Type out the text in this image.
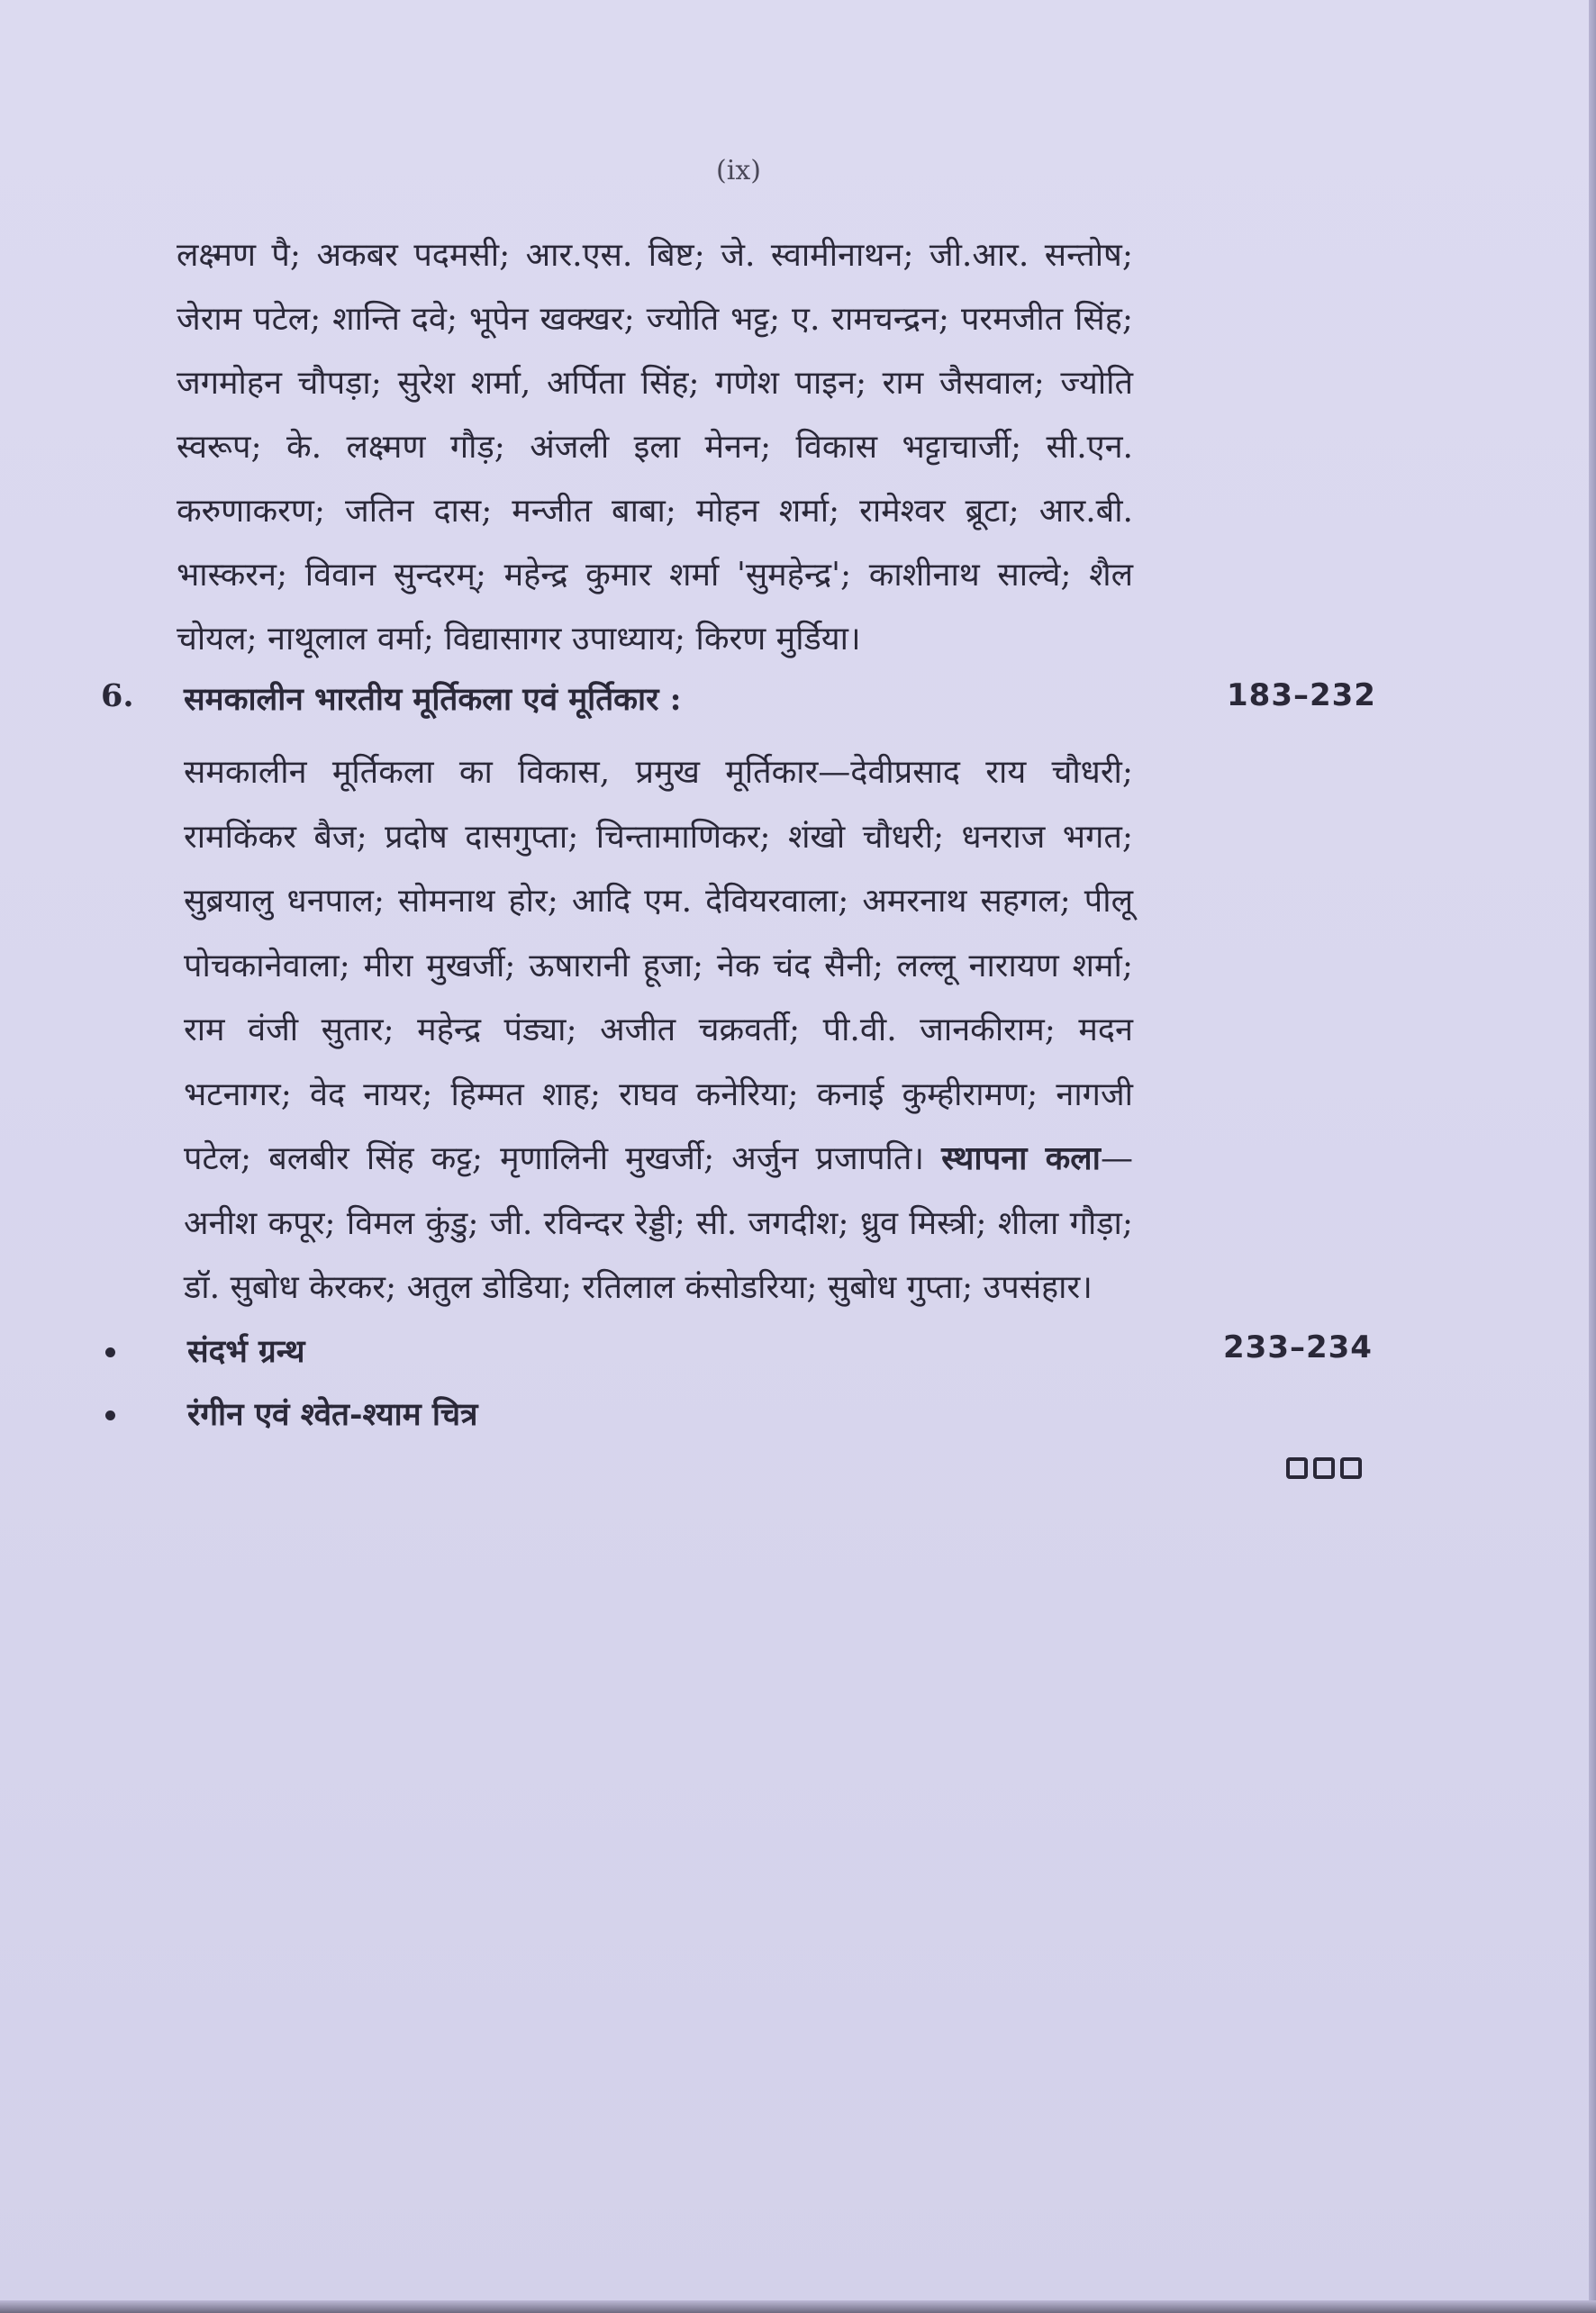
(ix)

लक्ष्मण पै; अकबर पदमसी; आर.एस. बिष्ट; जे. स्वामीनाथन; जी.आर. सन्तोष; जेराम पटेल; शान्ति दवे; भूपेन खक्खर; ज्योति भट्ट; ए. रामचन्द्रन; परमजीत सिंह; जगमोहन चौपड़ा; सुरेश शर्मा, अर्पिता सिंह; गणेश पाइन; राम जैसवाल; ज्योति स्वरूप; के. लक्ष्मण गौड़; अंजली इला मेनन; विकास भट्टाचार्जी; सी.एन. करुणाकरण; जतिन दास; मन्जीत बाबा; मोहन शर्मा; रामेश्वर ब्रूटा; आर.बी. भास्करन; विवान सुन्दरम्; महेन्द्र कुमार शर्मा 'सुमहेन्द्र'; काशीनाथ साल्वे; शैल चोयल; नाथूलाल वर्मा; विद्यासागर उपाध्याय; किरण मुर्डिया।

6. समकालीन भारतीय मूर्तिकला एवं मूर्तिकार :	183–232

समकालीन मूर्तिकला का विकास, प्रमुख मूर्तिकार—देवीप्रसाद राय चौधरी; रामकिंकर बैज; प्रदोष दासगुप्ता; चिन्तामाणिकर; शंखो चौधरी; धनराज भगत; सुब्रयालु धनपाल; सोमनाथ होर; आदि एम. देवियरवाला; अमरनाथ सहगल; पीलू पोचकानेवाला; मीरा मुखर्जी; ऊषारानी हूजा; नेक चंद सैनी; लल्लू नारायण शर्मा; राम वंजी सुतार; महेन्द्र पंड्या; अजीत चक्रवर्ती; पी.वी. जानकीराम; मदन भटनागर; वेद नायर; हिम्मत शाह; राघव कनेरिया; कनाई कुम्हीरामण; नागजी पटेल; बलबीर सिंह कट्ट; मृणालिनी मुखर्जी; अर्जुन प्रजापति। स्थापना कला—अनीश कपूर; विमल कुंडु; जी. रविन्दर रेड्डी; सी. जगदीश; ध्रुव मिस्त्री; शीला गौड़ा; डॉ. सुबोध केरकर; अतुल डोडिया; रतिलाल कंसोडरिया; सुबोध गुप्ता; उपसंहार।

संदर्भ ग्रन्थ	233–234
रंगीन एवं श्वेत-श्याम चित्र
